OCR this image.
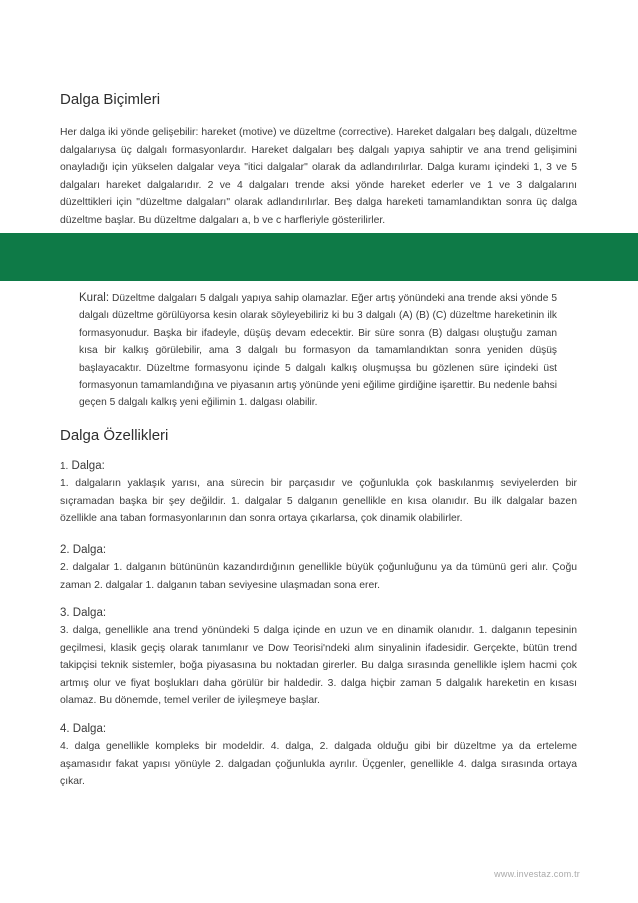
Dalga Biçimleri

Her dalga iki yönde gelişebilir: hareket (motive) ve düzeltme (corrective). Hareket dalgaları beş dalgalı, düzeltme dalgalarıysa üç dalgalı formasyonlardır. Hareket dalgaları beş dalgalı yapıya sahiptir ve ana trend gelişimini onayladığı için yükselen dalgalar veya "itici dalgalar" olarak da adlandırılırlar. Dalga kuramı içindeki 1, 3 ve 5 dalgaları hareket dalgalarıdır. 2 ve 4 dalgaları trende aksi yönde hareket ederler ve 1 ve 3 dalgalarını düzelttikleri için "düzeltme dalgaları" olarak adlandırılırlar. Beş dalga hareketi tamamlandıktan sonra üç dalga düzeltme başlar. Bu düzeltme dalgaları a, b ve c harfleriyle gösterilirler.

Kural: Düzeltme dalgaları 5 dalgalı yapıya sahip olamazlar. Eğer artış yönündeki ana trende aksi yönde 5 dalgalı düzeltme görülüyorsa kesin olarak söyleyebiliriz ki bu 3 dalgalı (A) (B) (C) düzeltme hareketinin ilk formasyonudur. Başka bir ifadeyle, düşüş devam edecektir. Bir süre sonra (B) dalgası oluştuğu zaman kısa bir kalkış görülebilir, ama 3 dalgalı bu formasyon da tamamlandıktan sonra yeniden düşüş başlayacaktır. Düzeltme formasyonu içinde 5 dalgalı kalkış oluşmuşsa bu gözlenen süre içindeki üst formasyonun tamamlandığına ve piyasanın artış yönünde yeni eğilime girdiğine işarettir. Bu nedenle bahsi geçen 5 dalgalı kalkış yeni eğilimin 1. dalgası olabilir.
Dalga Özellikleri
1. Dalga:
1. dalgaların yaklaşık yarısı, ana sürecin bir parçasıdır ve çoğunlukla çok baskılanmış seviyelerden bir sıçramadan başka bir şey değildir. 1. dalgalar 5 dalganın genellikle en kısa olanıdır. Bu ilk dalgalar bazen özellikle ana taban formasyonlarının dan sonra ortaya çıkarlarsa, çok dinamik olabilirler.
2. Dalga:
2. dalgalar 1. dalganın bütününün kazandırdığının genellikle büyük çoğunluğunu ya da tümünü geri alır. Çoğu zaman 2. dalgalar 1. dalganın taban seviyesine ulaşmadan sona erer.
3. Dalga:
3. dalga, genellikle ana trend yönündeki 5 dalga içinde en uzun ve en dinamik olanıdır. 1. dalganın tepesinin geçilmesi, klasik geçiş olarak tanımlanır ve Dow Teorisi'ndeki alım sinyalinin ifadesidir. Gerçekte, bütün trend takipçisi teknik sistemler, boğa piyasasına bu noktadan girerler. Bu dalga sırasında genellikle işlem hacmi çok artmış olur ve fiyat boşlukları daha görülür bir haldedir. 3. dalga hiçbir zaman 5 dalgalık hareketin en kısası olamaz. Bu dönemde, temel veriler de iyileşmeye başlar.
4. Dalga:
4. dalga genellikle kompleks bir modeldir. 4. dalga, 2. dalgada olduğu gibi bir düzeltme ya da erteleme aşamasıdır fakat yapısı yönüyle 2. dalgadan çoğunlukla ayrılır. Üçgenler, genellikle 4. dalga sırasında ortaya çıkar.
www.investaz.com.tr
